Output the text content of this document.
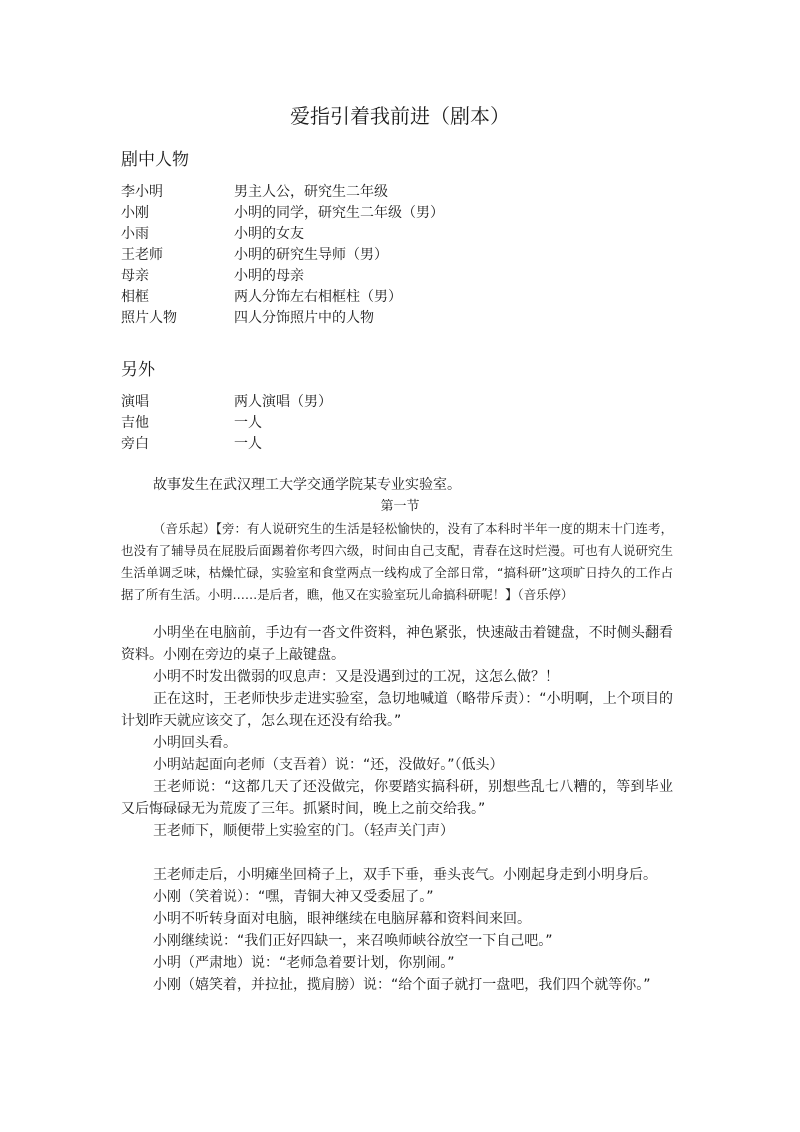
爱指引着我前进（剧本）
剧中人物
李小明	男主人公，研究生二年级
小刚	小明的同学，研究生二年级（男）
小雨	小明的女友
王老师	小明的研究生导师（男）
母亲	小明的母亲
相框	两人分饰左右相框柱（男）
照片人物	四人分饰照片中的人物
另外
演唱	两人演唱（男）
吉他	一人
旁白	一人
故事发生在武汉理工大学交通学院某专业实验室。
第一节

（音乐起）【旁：有人说研究生的生活是轻松愉快的，没有了本科时半年一度的期末十门连考，也没有了辅导员在屁股后面踢着你考四六级，时间由自己支配，青春在这时烂漫。可也有人说研究生生活单调乏味，枯燥忙碌，实验室和食堂两点一线构成了全部日常，“搞科研”这项旷日持久的工作占据了所有生活。小明……是后者，瞧，他又在实验室玩儿命搞科研呢！】（音乐停）

小明坐在电脑前，手边有一沓文件资料，神色紧张，快速敲击着键盘，不时侧头翻看资料。小刚在旁边的桌子上敲键盘。

小明不时发出微弱的叹息声：又是没遇到过的工况，这怎么做？！

正在这时，王老师快步走进实验室，急切地喊道（略带斥责）：“小明啊，上个项目的计划昨天就应该交了，怎么现在还没有给我。”

小明回头看。

小明站起面向老师（支吾着）说：“还，没做好。”（低头）

王老师说：“这都几天了还没做完，你要踏实搞科研，别想些乱七八糟的，等到毕业又后悔碌碌无为荒废了三年。抓紧时间，晚上之前交给我。”

王老师下，顺便带上实验室的门。（轻声关门声）

王老师走后，小明瘫坐回椅子上，双手下垂，垂头丧气。小刚起身走到小明身后。

小刚（笑着说）：“嘿，青铜大神又受委屈了。”

小明不听转身面对电脑，眼神继续在电脑屏幕和资料间来回。

小刚继续说：“我们正好四缺一，来召唤师峡谷放空一下自己吧。”

小明（严肃地）说：“老师急着要计划，你别闹。”

小刚（嬉笑着，并拉扯，揽肩膀）说：“给个面子就打一盘吧，我们四个就等你。”
